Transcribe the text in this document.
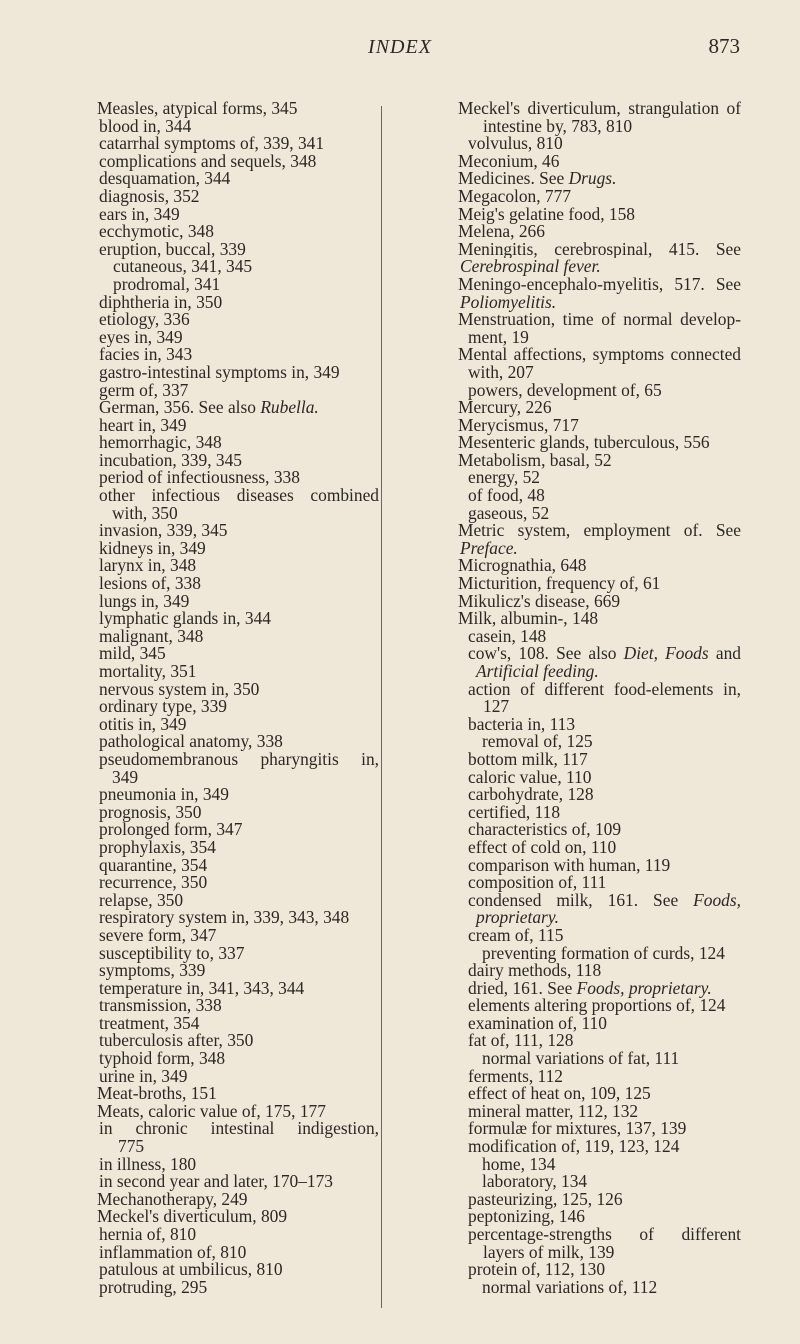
INDEX	873
Measles, atypical forms, 345
blood in, 344
catarrhal symptoms of, 339, 341
complications and sequels, 348
desquamation, 344
diagnosis, 352
ears in, 349
ecchymotic, 348
eruption, buccal, 339
cutaneous, 341, 345
prodromal, 341
diphtheria in, 350
etiology, 336
eyes in, 349
facies in, 343
gastro-intestinal symptoms in, 349
germ of, 337
German, 356. See also Rubella.
heart in, 349
hemorrhagic, 348
incubation, 339, 345
period of infectiousness, 338
other infectious diseases combined
with, 350
invasion, 339, 345
kidneys in, 349
larynx in, 348
lesions of, 338
lungs in, 349
lymphatic glands in, 344
malignant, 348
mild, 345
mortality, 351
nervous system in, 350
ordinary type, 339
otitis in, 349
pathological anatomy, 338
pseudomembranous pharyngitis in,
349
pneumonia in, 349
prognosis, 350
prolonged form, 347
prophylaxis, 354
quarantine, 354
recurrence, 350
relapse, 350
respiratory system in, 339, 343, 348
severe form, 347
susceptibility to, 337
symptoms, 339
temperature in, 341, 343, 344
transmission, 338
treatment, 354
tuberculosis after, 350
typhoid form, 348
urine in, 349
Meat-broths, 151
Meats, caloric value of, 175, 177
in chronic intestinal indigestion,
775
in illness, 180
in second year and later, 170–173
Mechanotherapy, 249
Meckel's diverticulum, 809
hernia of, 810
inflammation of, 810
patulous at umbilicus, 810
protruding, 295
Meckel's diverticulum, strangulation of
intestine by, 783, 810
volvulus, 810
Meconium, 46
Medicines. See Drugs.
Megacolon, 777
Meig's gelatine food, 158
Melena, 266
Meningitis, cerebrospinal, 415. See
Cerebrospinal fever.
Meningo-encephalo-myelitis, 517. See
Poliomyelitis.
Menstruation, time of normal develop-
ment, 19
Mental affections, symptoms connected
with, 207
powers, development of, 65
Mercury, 226
Merycismus, 717
Mesenteric glands, tuberculous, 556
Metabolism, basal, 52
energy, 52
of food, 48
gaseous, 52
Metric system, employment of. See
Preface.
Micrognathia, 648
Micturition, frequency of, 61
Mikulicz's disease, 669
Milk, albumin-, 148
casein, 148
cow's, 108. See also Diet, Foods and
Artificial feeding.
action of different food-elements in,
127
bacteria in, 113
removal of, 125
bottom milk, 117
caloric value, 110
carbohydrate, 128
certified, 118
characteristics of, 109
effect of cold on, 110
comparison with human, 119
composition of, 111
condensed milk, 161. See Foods,
proprietary.
cream of, 115
preventing formation of curds, 124
dairy methods, 118
dried, 161. See Foods, proprietary.
elements altering proportions of, 124
examination of, 110
fat of, 111, 128
normal variations of fat, 111
ferments, 112
effect of heat on, 109, 125
mineral matter, 112, 132
formulæ for mixtures, 137, 139
modification of, 119, 123, 124
home, 134
laboratory, 134
pasteurizing, 125, 126
peptonizing, 146
percentage-strengths of different
layers of milk, 139
protein of, 112, 130
normal variations of, 112
